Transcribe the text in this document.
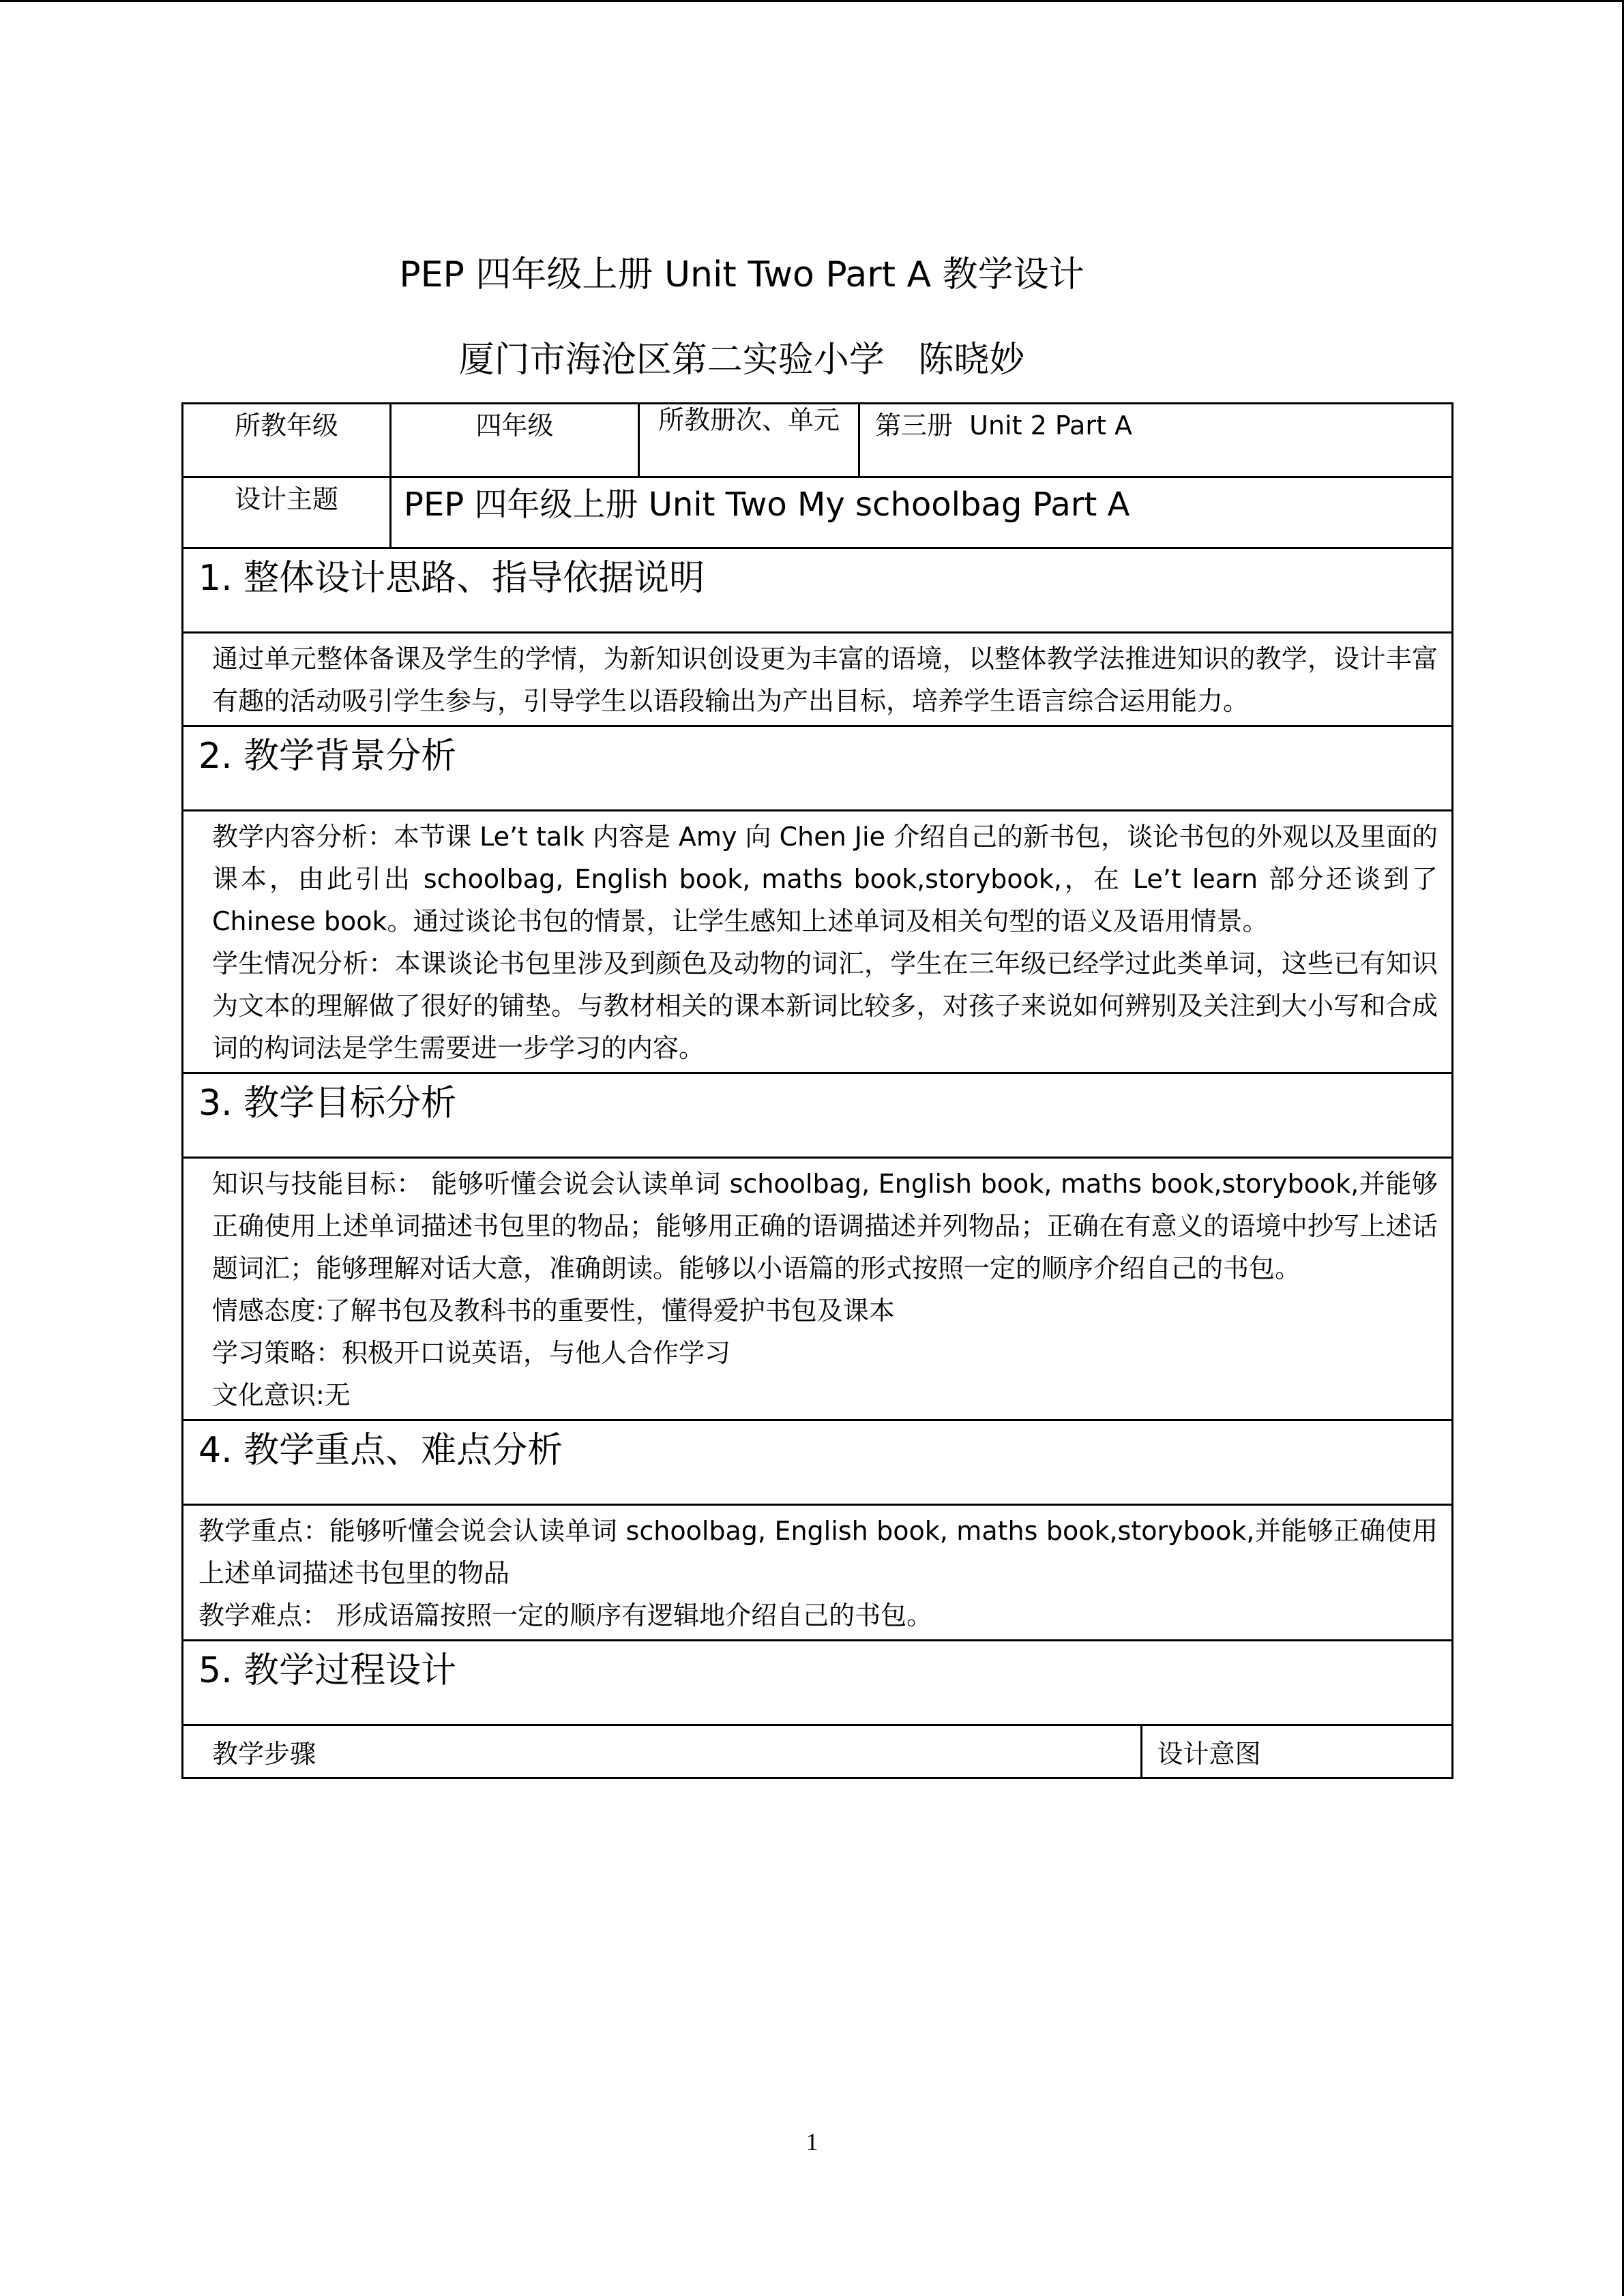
PEP 四年级上册 Unit Two Part A 教学设计
厦门市海沧区第二实验小学   陈晓妙
所教年级	四年级	所教册次、单元	第三册  Unit 2 Part A
设计主题	PEP 四年级上册 Unit Two My schoolbag Part A
1. 整体设计思路、指导依据说明

通过单元整体备课及学生的学情，为新知识创设更为丰富的语境，以整体教学法推进知识的教学，设计丰富有趣的活动吸引学生参与，引导学生以语段输出为产出目标，培养学生语言综合运用能力。

2. 教学背景分析

教学内容分析：本节课 Le’t talk 内容是 Amy 向 Chen Jie 介绍自己的新书包，谈论书包的外观以及里面的课本，由此引出 schoolbag, English book, maths book,storybook,，在 Le’t learn 部分还谈到了 Chinese book。通过谈论书包的情景，让学生感知上述单词及相关句型的语义及语用情景。

学生情况分析：本课谈论书包里涉及到颜色及动物的词汇，学生在三年级已经学过此类单词，这些已有知识为文本的理解做了很好的铺垫。与教材相关的课本新词比较多，对孩子来说如何辨别及关注到大小写和合成词的构词法是学生需要进一步学习的内容。

3. 教学目标分析

知识与技能目标： 能够听懂会说会认读单词 schoolbag, English book, maths book,storybook,并能够正确使用上述单词描述书包里的物品；能够用正确的语调描述并列物品；正确在有意义的语境中抄写上述话题词汇；能够理解对话大意，准确朗读。能够以小语篇的形式按照一定的顺序介绍自己的书包。

情感态度:了解书包及教科书的重要性，懂得爱护书包及课本

学习策略：积极开口说英语，与他人合作学习

文化意识:无

4. 教学重点、难点分析

教学重点：能够听懂会说会认读单词 schoolbag, English book, maths book,storybook,并能够正确使用上述单词描述书包里的物品

教学难点： 形成语篇按照一定的顺序有逻辑地介绍自己的书包。

5. 教学过程设计

教学步骤	设计意图
1
